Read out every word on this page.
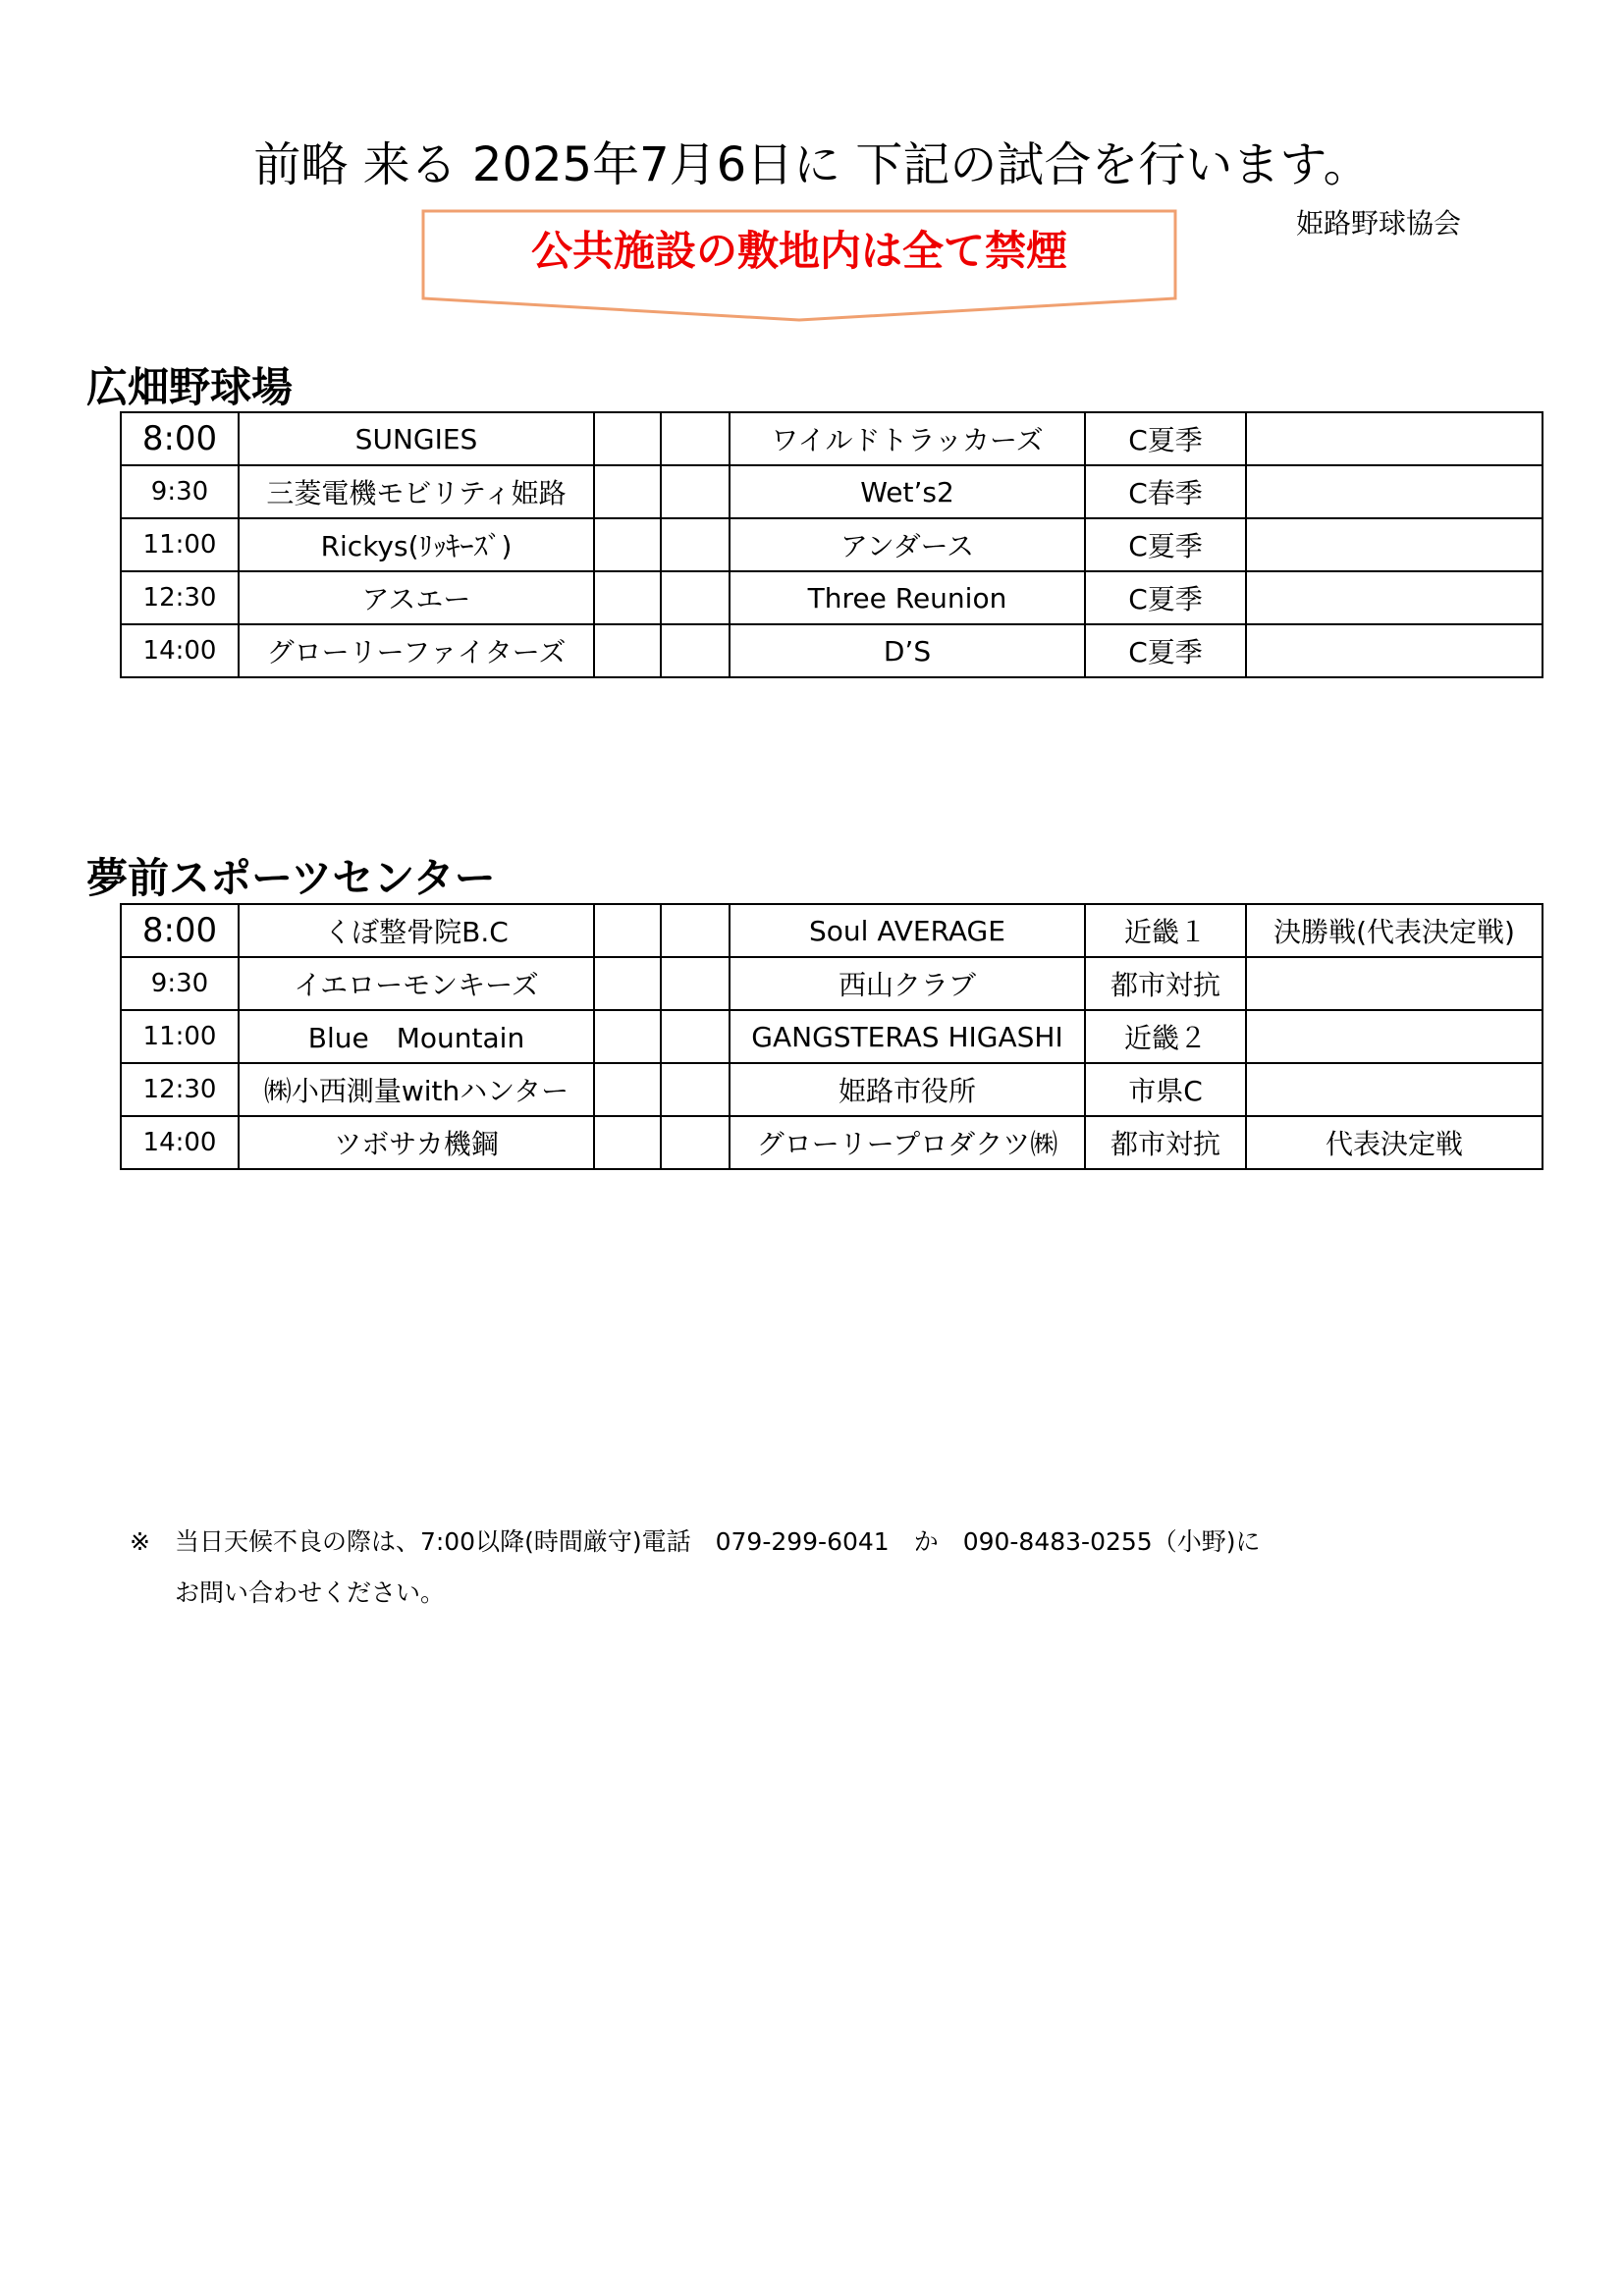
前略 来る 2025年7月6日に 下記の試合を行います。
姫路野球協会
公共施設の敷地内は全て禁煙
広畑野球場
8:00	SUNGIES			ワイルドトラッカーズ	C夏季	
9:30	三菱電機モビリティ姫路			Wet’s2	C春季	
11:00	Rickys(ﾘｯｷｰｽﾞ)			アンダース	C夏季	
12:30	アスエー			Three Reunion	C夏季	
14:00	グローリーファイターズ			D’S	C夏季	
夢前スポーツセンター
8:00	くぼ整骨院B.C			Soul AVERAGE	近畿１	決勝戦(代表決定戦)
9:30	イエローモンキーズ			西山クラブ	都市対抗	
11:00	Blue　Mountain			GANGSTERAS HIGASHI	近畿２	
12:30	㈱小西測量withハンター			姫路市役所	市県C	
14:00	ツボサカ機鋼			グローリープロダクツ㈱	都市対抗	代表決定戦
※　当日天候不良の際は、7:00以降(時間厳守)電話　079-299-6041　か　090-8483-0255（小野)に
お問い合わせください。
